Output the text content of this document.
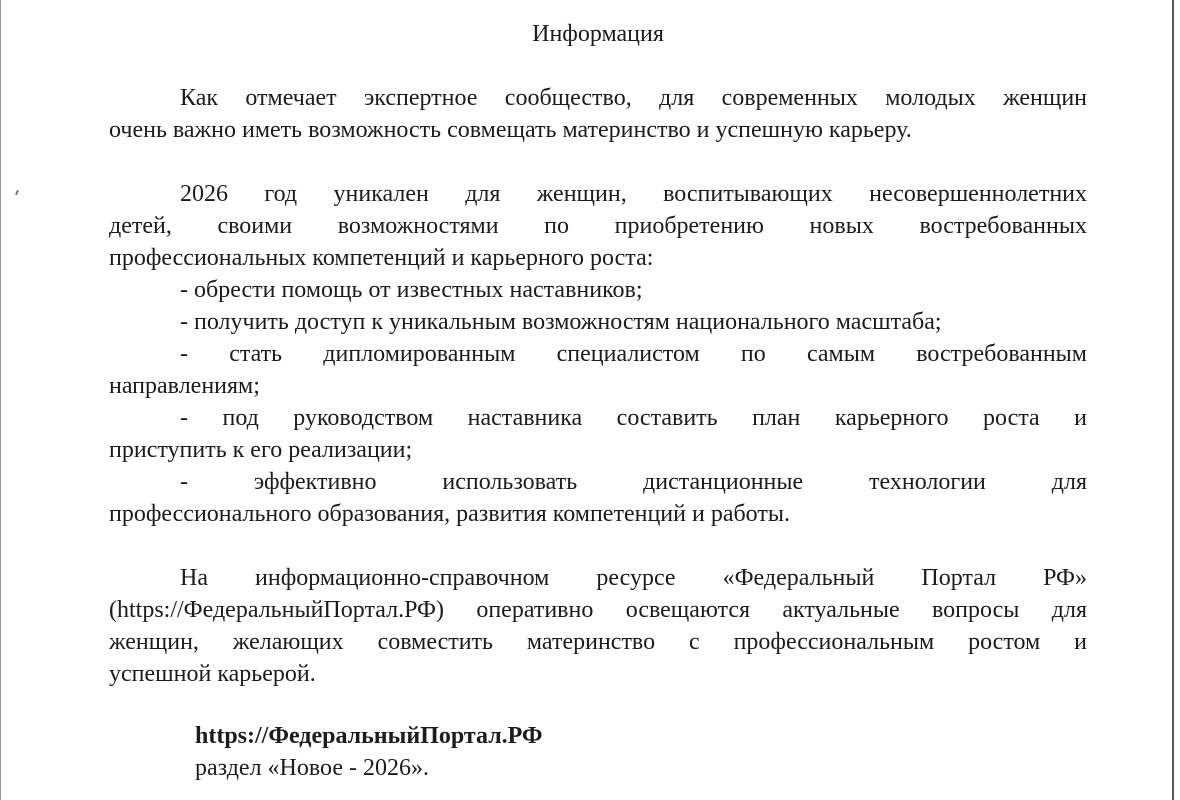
Информация
Как отмечает экспертное сообщество, для современных молодых женщин
очень важно иметь возможность совмещать материнство и успешную карьеру.
2026 год уникален для женщин, воспитывающих несовершеннолетних
детей, своими возможностями по приобретению новых востребованных
профессиональных компетенций и карьерного роста:
- обрести помощь от известных наставников;
- получить доступ к уникальным возможностям национального масштаба;
- стать дипломированным специалистом по самым востребованным
направлениям;
- под руководством наставника составить план карьерного роста и
приступить к его реализации;
- эффективно использовать дистанционные технологии для
профессионального образования, развития компетенций и работы.
На информационно-справочном ресурсе «Федеральный Портал РФ»
(https://ФедеральныйПортал.РФ) оперативно освещаются актуальные вопросы для
женщин, желающих совместить материнство с профессиональным ростом и
успешной карьерой.
https://ФедеральныйПортал.РФ
раздел «Новое - 2026».
